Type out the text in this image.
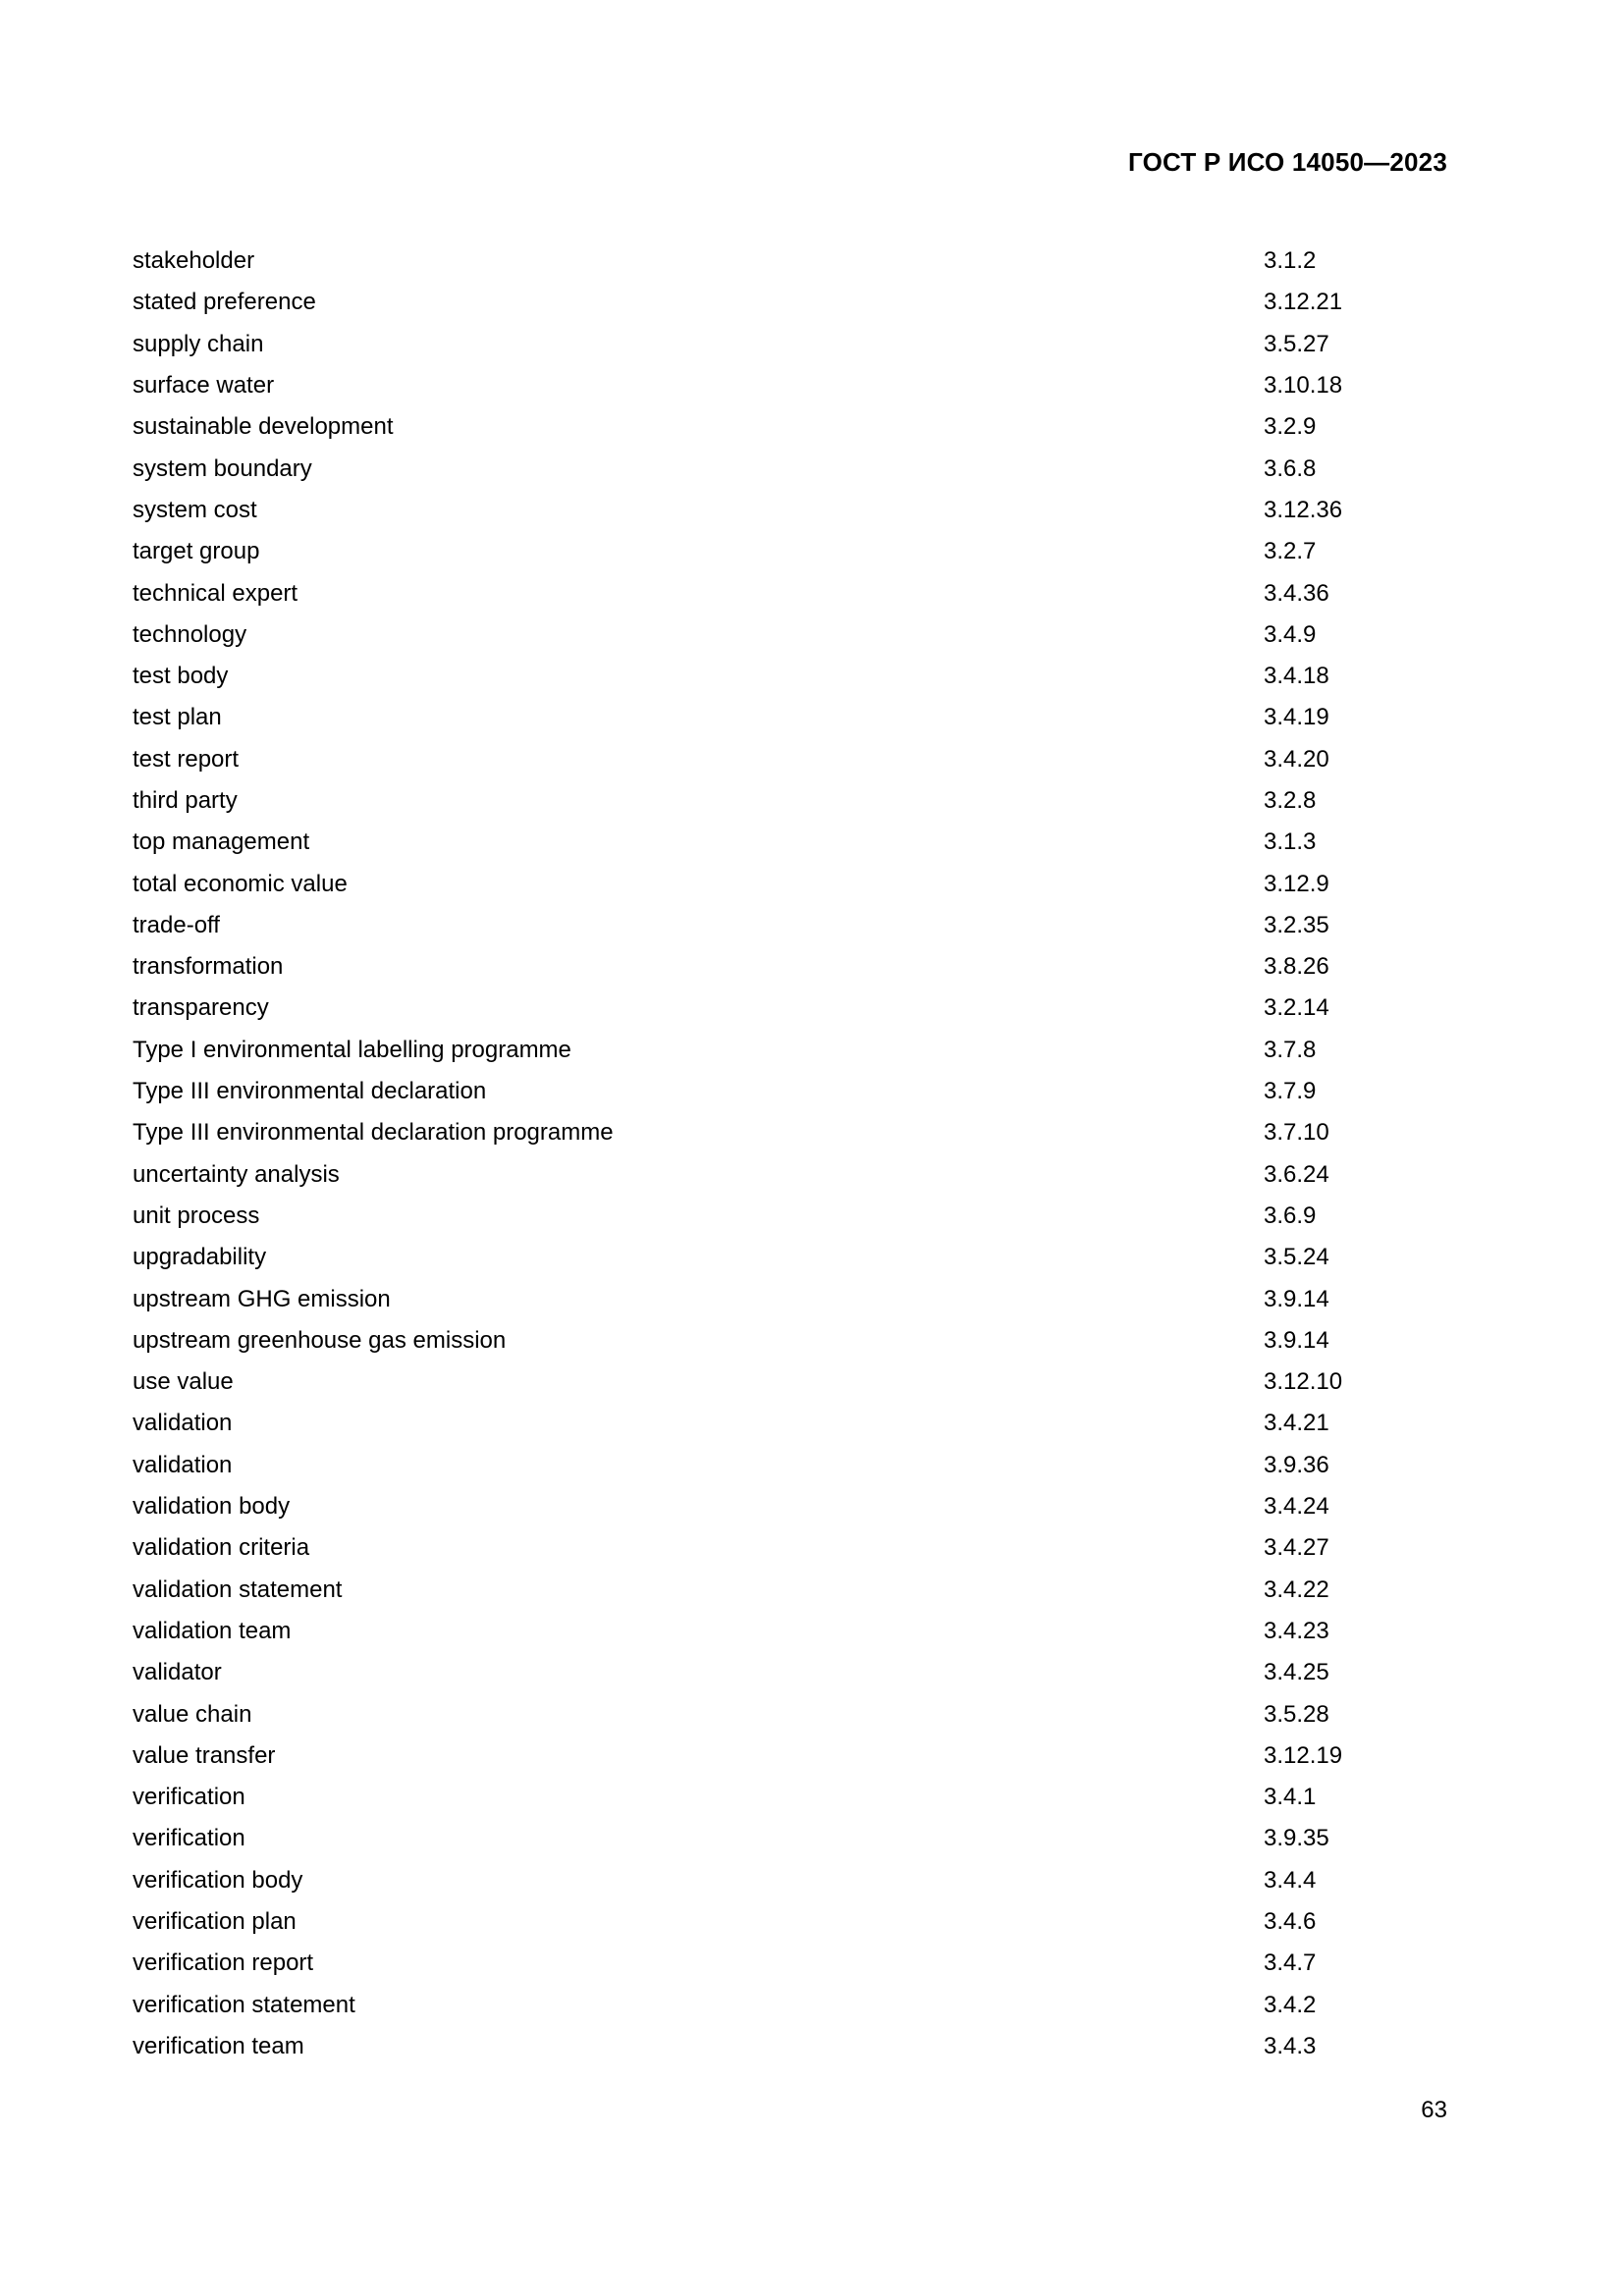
ГОСТ Р ИСО 14050—2023
stakeholder	3.1.2
stated preference	3.12.21
supply chain	3.5.27
surface water	3.10.18
sustainable development	3.2.9
system boundary	3.6.8
system cost	3.12.36
target group	3.2.7
technical expert	3.4.36
technology	3.4.9
test body	3.4.18
test plan	3.4.19
test report	3.4.20
third party	3.2.8
top management	3.1.3
total economic value	3.12.9
trade-off	3.2.35
transformation	3.8.26
transparency	3.2.14
Type I environmental labelling programme	3.7.8
Type III environmental declaration	3.7.9
Type III environmental declaration programme	3.7.10
uncertainty analysis	3.6.24
unit process	3.6.9
upgradability	3.5.24
upstream GHG emission	3.9.14
upstream greenhouse gas emission	3.9.14
use value	3.12.10
validation	3.4.21
validation	3.9.36
validation body	3.4.24
validation criteria	3.4.27
validation statement	3.4.22
validation team	3.4.23
validator	3.4.25
value chain	3.5.28
value transfer	3.12.19
verification	3.4.1
verification	3.9.35
verification body	3.4.4
verification plan	3.4.6
verification report	3.4.7
verification statement	3.4.2
verification team	3.4.3
63
